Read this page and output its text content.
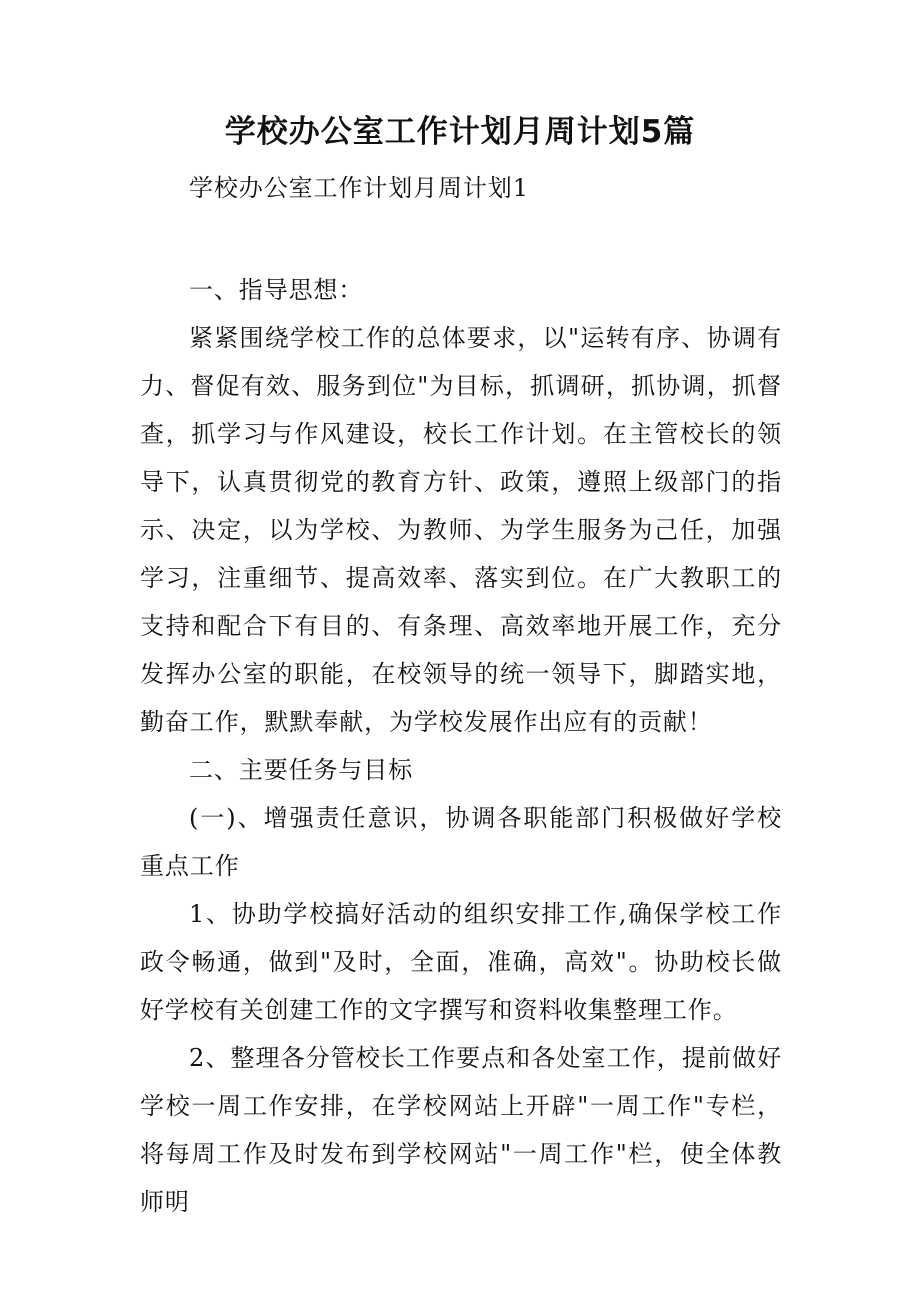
学校办公室工作计划月周计划5篇

学校办公室工作计划月周计划1

一、指导思想：

紧紧围绕学校工作的总体要求，以"运转有序、协调有力、督促有效、服务到位"为目标，抓调研，抓协调，抓督查，抓学习与作风建设，校长工作计划。在主管校长的领导下，认真贯彻党的教育方针、政策，遵照上级部门的指示、决定，以为学校、为教师、为学生服务为己任，加强学习，注重细节、提高效率、落实到位。在广大教职工的支持和配合下有目的、有条理、高效率地开展工作，充分发挥办公室的职能，在校领导的统一领导下，脚踏实地，勤奋工作，默默奉献，为学校发展作出应有的贡献！

二、主要任务与目标

(一)、增强责任意识，协调各职能部门积极做好学校重点工作

1、协助学校搞好活动的组织安排工作,确保学校工作政令畅通，做到"及时，全面，准确，高效"。协助校长做好学校有关创建工作的文字撰写和资料收集整理工作。

2、整理各分管校长工作要点和各处室工作，提前做好学校一周工作安排，在学校网站上开辟"一周工作"专栏，将每周工作及时发布到学校网站"一周工作"栏，使全体教师明
